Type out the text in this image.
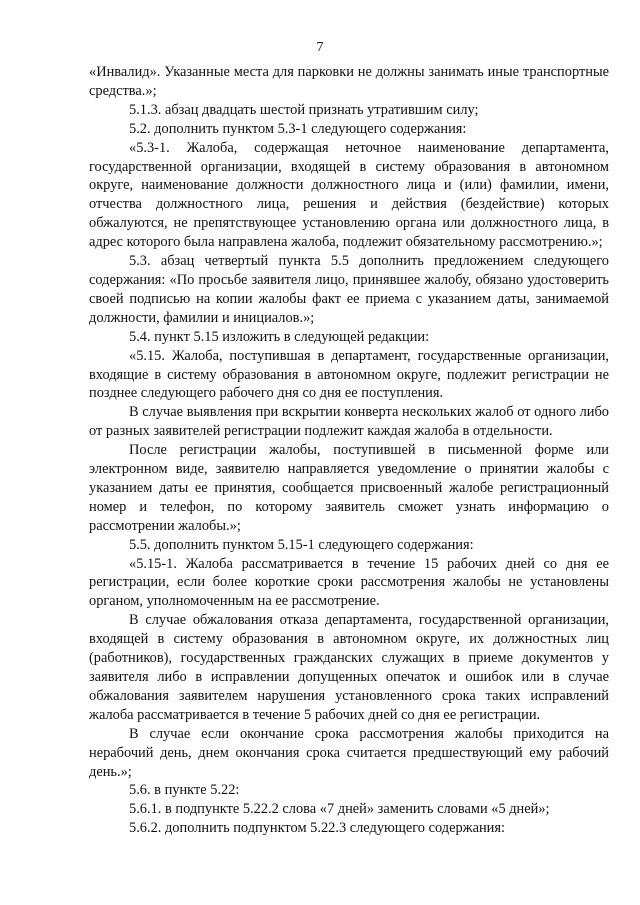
7

«Инвалид». Указанные места для парковки не должны занимать иные транспортные средства.»;

5.1.3. абзац двадцать шестой признать утратившим силу;

5.2. дополнить пунктом 5.3-1 следующего содержания:

«5.3-1. Жалоба, содержащая неточное наименование департамента, государственной организации, входящей в систему образования в автономном округе, наименование должности должностного лица и (или) фамилии, имени, отчества должностного лица, решения и действия (бездействие) которых обжалуются, не препятствующее установлению органа или должностного лица, в адрес которого была направлена жалоба, подлежит обязательному рассмотрению.»;

5.3. абзац четвертый пункта 5.5 дополнить предложением следующего содержания: «По просьбе заявителя лицо, принявшее жалобу, обязано удостоверить своей подписью на копии жалобы факт ее приема с указанием даты, занимаемой должности, фамилии и инициалов.»;

5.4. пункт 5.15 изложить в следующей редакции:

«5.15. Жалоба, поступившая в департамент, государственные организации, входящие в систему образования в автономном округе, подлежит регистрации не позднее следующего рабочего дня со дня ее поступления.

В случае выявления при вскрытии конверта нескольких жалоб от одного либо от разных заявителей регистрации подлежит каждая жалоба в отдельности.

После регистрации жалобы, поступившей в письменной форме или электронном виде, заявителю направляется уведомление о принятии жалобы с указанием даты ее принятия, сообщается присвоенный жалобе регистрационный номер и телефон, по которому заявитель сможет узнать информацию о рассмотрении жалобы.»;

5.5. дополнить пунктом 5.15-1 следующего содержания:

«5.15-1. Жалоба рассматривается в течение 15 рабочих дней со дня ее регистрации, если более короткие сроки рассмотрения жалобы не установлены органом, уполномоченным на ее рассмотрение.

В случае обжалования отказа департамента, государственной организации, входящей в систему образования в автономном округе, их должностных лиц (работников), государственных гражданских служащих в приеме документов у заявителя либо в исправлении допущенных опечаток и ошибок или в случае обжалования заявителем нарушения установленного срока таких исправлений жалоба рассматривается в течение 5 рабочих дней со дня ее регистрации.

В случае если окончание срока рассмотрения жалобы приходится на нерабочий день, днем окончания срока считается предшествующий ему рабочий день.»;

5.6. в пункте 5.22:

5.6.1. в подпункте 5.22.2 слова «7 дней» заменить словами «5 дней»;

5.6.2. дополнить подпунктом 5.22.3 следующего содержания:
